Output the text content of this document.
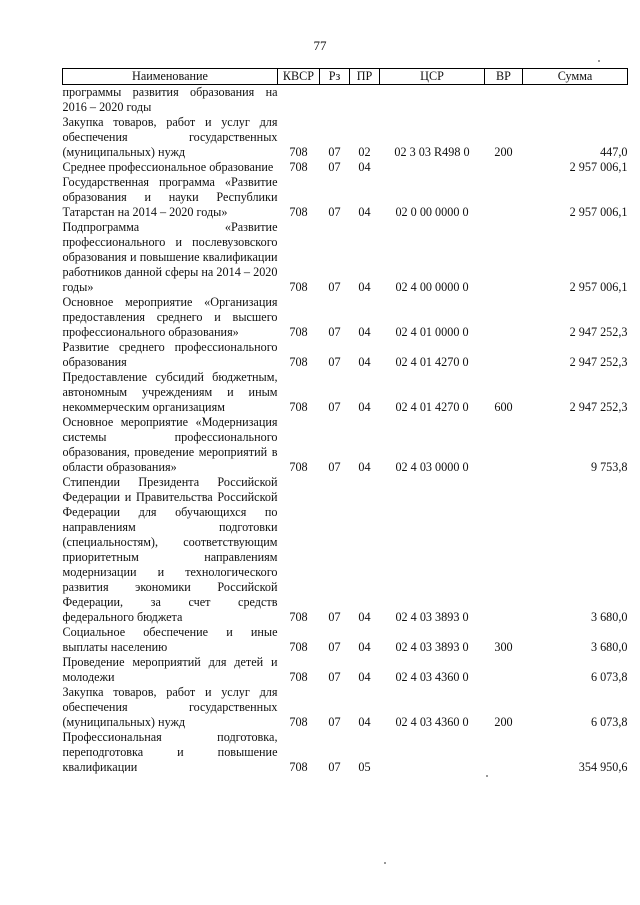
77
Наименование	КВСР	Рз	ПР	ЦСР	ВР	Сумма
программы развития образования на 2016 – 2020 годы						
Закупка товаров, работ и услуг для обеспечения государственных (муниципальных) нужд	708	07	02	02 3 03 R498 0	200	447,0
Среднее профессиональное образование	708	07	04			2 957 006,1
Государственная программа «Развитие образования и науки Республики Татарстан на 2014 – 2020 годы»	708	07	04	02 0 00 0000 0		2 957 006,1
Подпрограмма «Развитие профессионального и послевузовского образования и повышение квалификации работников данной сферы на 2014 – 2020 годы»	708	07	04	02 4 00 0000 0		2 957 006,1
Основное мероприятие «Организация предоставления среднего и высшего профессионального образования»	708	07	04	02 4 01 0000 0		2 947 252,3
Развитие среднего профессионального образования	708	07	04	02 4 01 4270 0		2 947 252,3
Предоставление субсидий бюджетным, автономным учреждениям и иным некоммерческим организациям	708	07	04	02 4 01 4270 0	600	2 947 252,3
Основное мероприятие «Модернизация системы профессионального образования, проведение мероприятий в области образования»	708	07	04	02 4 03 0000 0		9 753,8
Стипендии Президента Российской Федерации и Правительства Российской Федерации для обучающихся по направлениям подготовки (специальностям), соответствующим приоритетным направлениям модернизации и технологического развития экономики Российской Федерации, за счет средств федерального бюджета	708	07	04	02 4 03 3893 0		3 680,0
Социальное обеспечение и иные выплаты населению	708	07	04	02 4 03 3893 0	300	3 680,0
Проведение мероприятий для детей и молодежи	708	07	04	02 4 03 4360 0		6 073,8
Закупка товаров, работ и услуг для обеспечения государственных (муниципальных) нужд	708	07	04	02 4 03 4360 0	200	6 073,8
Профессиональная подготовка, переподготовка и повышение квалификации	708	07	05			354 950,6
